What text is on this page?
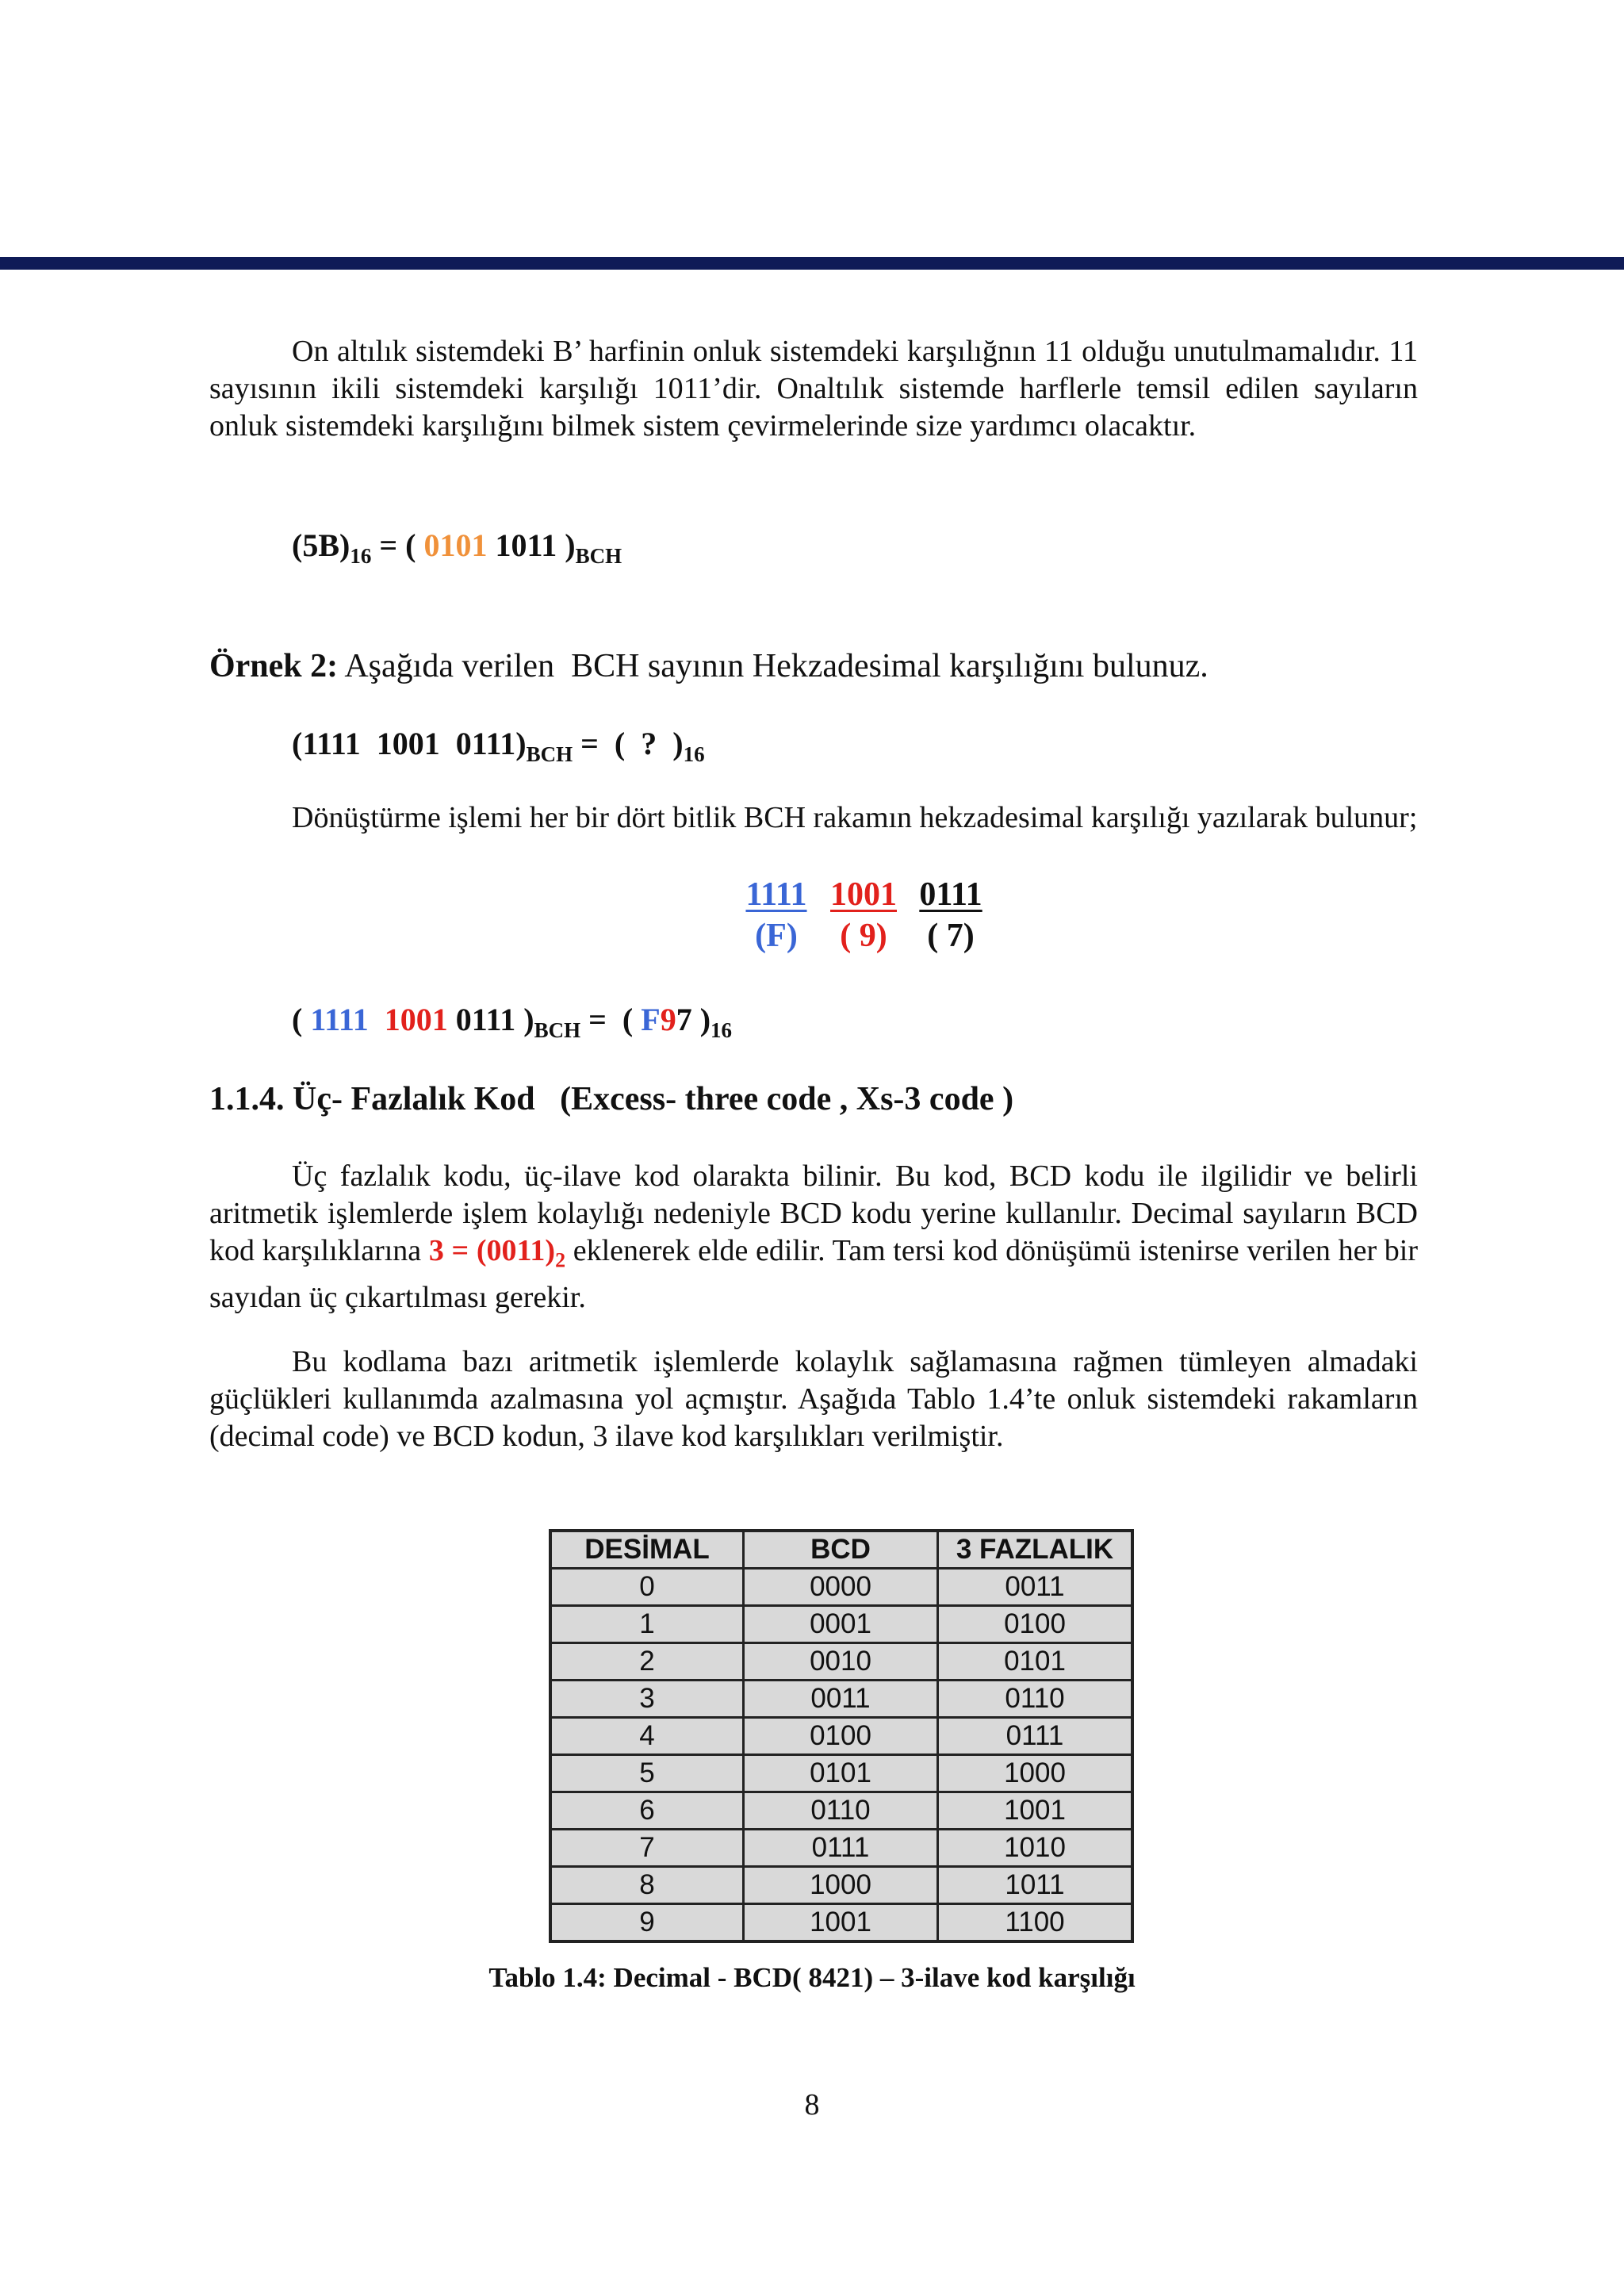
On altılık sistemdeki B’ harfinin onluk sistemdeki karşılığnın 11 olduğu unutulmamalıdır. 11 sayısının ikili sistemdeki karşılığı 1011’dir. Onaltılık sistemde harflerle temsil edilen sayıların onluk sistemdeki karşılığını bilmek sistem çevirmelerinde size yardımcı olacaktır.

$(5B)_{16}$ = ( 0101 1011 )$_{BCH}$
Örnek 2: Aşağıda verilen  BCH sayının Hekzadesimal karşılığını bulunuz.
(1111  1001  $0111)_{BCH}$ =  (  ?  )$_{16}$

Dönüştürme işlemi her bir dört bitlik BCH rakamın hekzadesimal karşılığı yazılarak bulunur;

1111 1001 0111
(F)	( 9)	( 7)
( 1111 1001 0111 )$_{BCH}$ =  ( F97 )$_{16}$
1.1.4. Üç- Fazlalık Kod   (Excess- three code , Xs-3 code )

Üç fazlalık kodu, üç-ilave kod olarakta bilinir. Bu kod, BCD kodu ile ilgilidir ve belirli aritmetik işlemlerde işlem kolaylığı nedeniyle BCD kodu yerine kullanılır. Decimal sayıların BCD kod karşılıklarına $3 = (0011)_2$ eklenerek elde edilir. Tam tersi kod dönüşümü istenirse verilen her bir sayıdan üç çıkartılması gerekir.

Bu kodlama bazı aritmetik işlemlerde kolaylık sağlamasına rağmen tümleyen almadaki güçlükleri kullanımda azalmasına yol açmıştır. Aşağıda Tablo 1.4’te onluk sistemdeki rakamların (decimal code) ve BCD kodun, 3 ilave kod karşılıkları verilmiştir.

DESİMAL	BCD	3 FAZLALIK
0	0000	0011
1	0001	0100
2	0010	0101
3	0011	0110
4	0100	0111
5	0101	1000
6	0110	1001
7	0111	1010
8	1000	1011
9	1001	1100
Tablo 1.4: Decimal - BCD( 8421) – 3-ilave kod karşılığı
8
